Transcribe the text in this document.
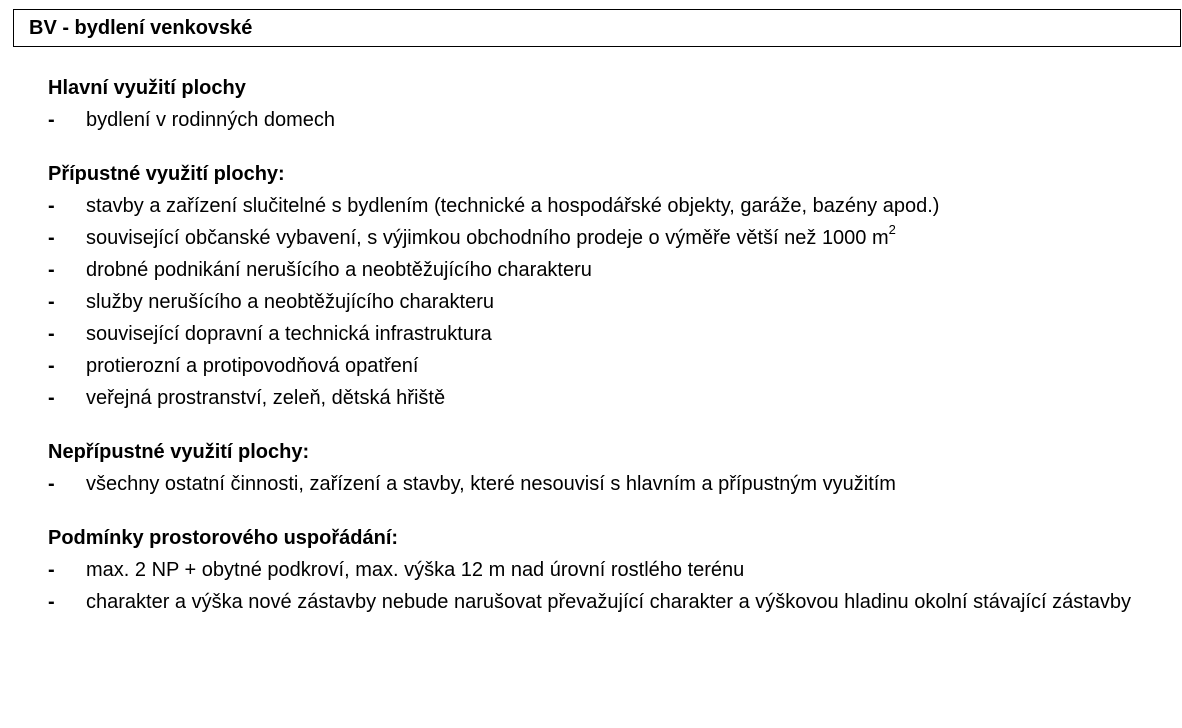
BV - bydlení venkovské

Hlavní využití plochy

-	bydlení v rodinných domech

Přípustné využití plochy:

-	stavby a zařízení slučitelné s bydlením (technické a hospodářské objekty, garáže, bazény apod.)
-	související občanské vybavení, s výjimkou obchodního prodeje o výměře větší než 1000 $m^2$
-	drobné podnikání nerušícího a neobtěžujícího charakteru
-	služby nerušícího a neobtěžujícího charakteru
-	související dopravní a technická infrastruktura
-	protierozní a protipovodňová opatření
-	veřejná prostranství, zeleň, dětská hřiště

Nepřípustné využití plochy:

-	všechny ostatní činnosti, zařízení a stavby, které nesouvisí s hlavním a přípustným využitím

Podmínky prostorového uspořádání:

-	max. 2 NP + obytné podkroví, max. výška 12 m nad úrovní rostlého terénu
-	charakter a výška nové zástavby nebude narušovat převažující charakter a výškovou hladinu okolní stávající zástavby
